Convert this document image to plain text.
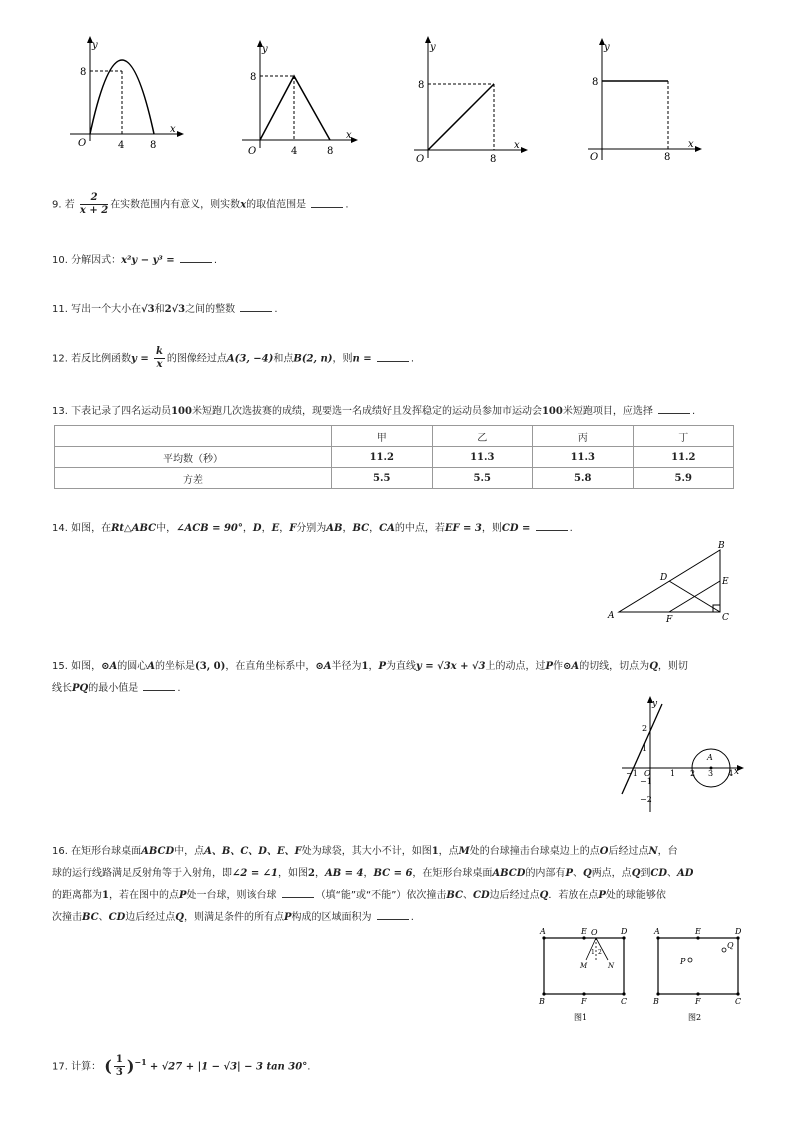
y
x
O
8
4	8
y
x
O
8
4	8
y
x
O
8
8
y
x
O
8
8
9. 若 $\frac{2}{x + 2}$ 在实数范围内有意义，则实数x的取值范围是	.
10. 分解因式：x²y − y³ =	.
11. 写出一个大小在√3和2√3之间的整数	.
12. 若反比例函数$y = \frac{k}{x}$ 的图像经过点A(3, −4)和点B(2, n)，则n =	.
13. 下表记录了四名运动员100米短跑几次选拔赛的成绩，现要选一名成绩好且发挥稳定的运动员参加市运动会100米短跑项目，应选择	.
	甲	乙	丙	丁
平均数（秒）	11.2	11.3	11.3	11.2
方差	5.5	5.5	5.8	5.9
14. 如图，在Rt△ABC中，∠ACB = 90°，D，E，F分别为AB，BC，CA的中点，若EF = 3，则CD =	.
A
B
C
D	E
F
15. 如图，⊙A的圆心A的坐标是(3, 0)，在直角坐标系中，⊙A半径为1，P为直线y = √3x + √3上的动点，过P作⊙A的切线，切点为Q，则切
线长PQ的最小值是	.
y
x
O
2
1
−1
−2
−1	1 2 3 4
A
16. 在矩形台球桌面ABCD中，点A、B、C、D、E、F处为球袋，其大小不计，如图1，点M处的台球撞击台球桌边上的点O后经过点N，台
球的运行线路满足反射角等于入射角，即∠2 = ∠1，如图2，AB = 4，BC = 6，在矩形台球桌面ABCD的内部有P、Q两点，点Q到CD、AD
的距离都为1，若在图中的点P处一台球，则该台球	（填“能”或“不能”）依次撞击BC、CD边后经过点Q．若放在点P处的球能够依
次撞击BC、CD边后经过点Q，则满足条件的所有点P构成的区域面积为	.
A	E O	D
B	F	C
M	N
1 2
图1
A	E	D
B	F	C
P
Q
图2
17. 计算： ( $\frac{1}{3} )^{-1} + √27 + |1 - √3| - 3$ tan 30°.
